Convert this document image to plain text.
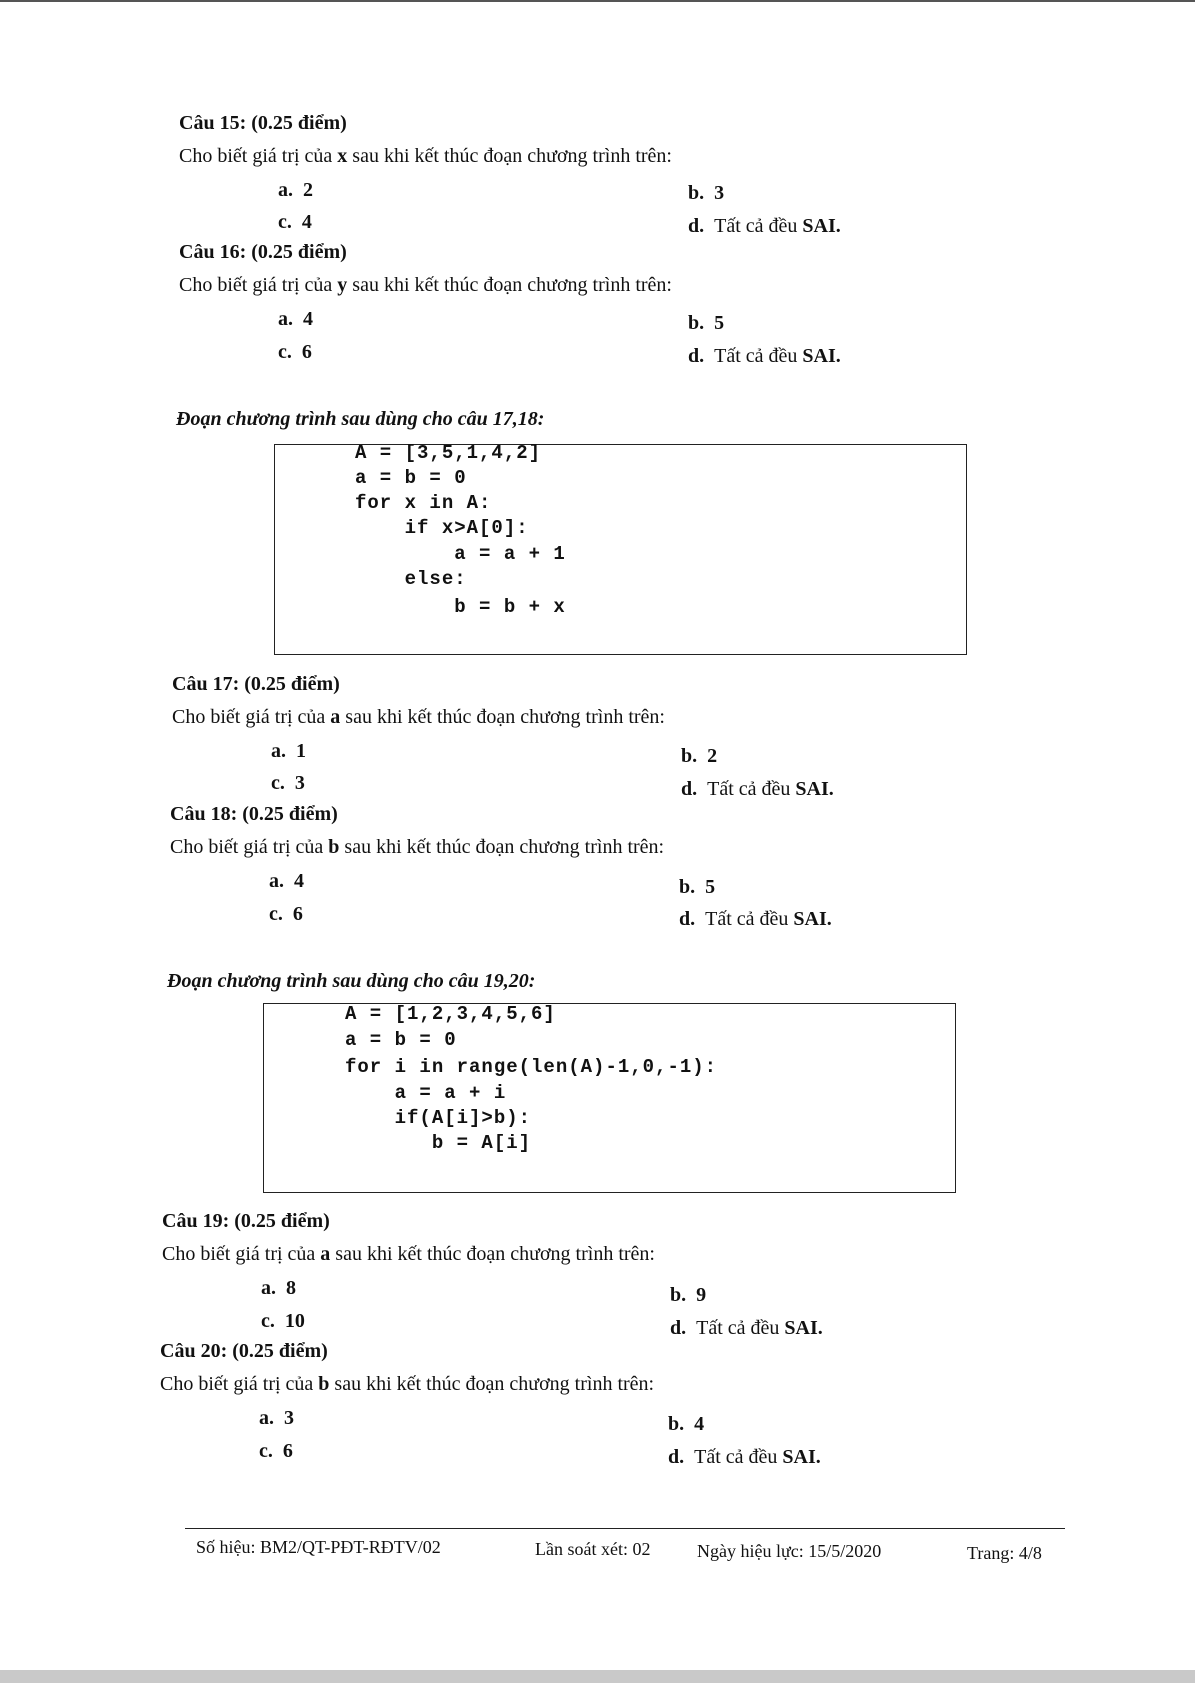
Câu 15: (0.25 điểm)
Cho biết giá trị của x sau khi kết thúc đoạn chương trình trên:
a. 2	b. 3
c. 4	d. Tất cả đều SAI.
Câu 16: (0.25 điểm)
Cho biết giá trị của y sau khi kết thúc đoạn chương trình trên:
a. 4	b. 5
c. 6	d. Tất cả đều SAI.
Đoạn chương trình sau dùng cho câu 17,18:
A = [3,5,1,4,2]
a = b = 0
for x in A:
if x>A[0]:
a = a + 1
else:
b = b + x
Câu 17: (0.25 điểm)
Cho biết giá trị của a sau khi kết thúc đoạn chương trình trên:
a. 1	b. 2
c. 3	d. Tất cả đều SAI.
Câu 18: (0.25 điểm)
Cho biết giá trị của b sau khi kết thúc đoạn chương trình trên:
a. 4	b. 5
c. 6	d. Tất cả đều SAI.
Đoạn chương trình sau dùng cho câu 19,20:
A = [1,2,3,4,5,6]
a = b = 0
for i in range(len(A)-1,0,-1):
a = a + i
if(A[i]>b):
b = A[i]
Câu 19: (0.25 điểm)
Cho biết giá trị của a sau khi kết thúc đoạn chương trình trên:
a. 8	b. 9
c. 10	d. Tất cả đều SAI.
Câu 20: (0.25 điểm)
Cho biết giá trị của b sau khi kết thúc đoạn chương trình trên:
a. 3	b. 4
c. 6	d. Tất cả đều SAI.
Số hiệu: BM2/QT-PĐT-RĐTV/02	Lần soát xét: 02	Ngày hiệu lực: 15/5/2020	Trang: 4/8
